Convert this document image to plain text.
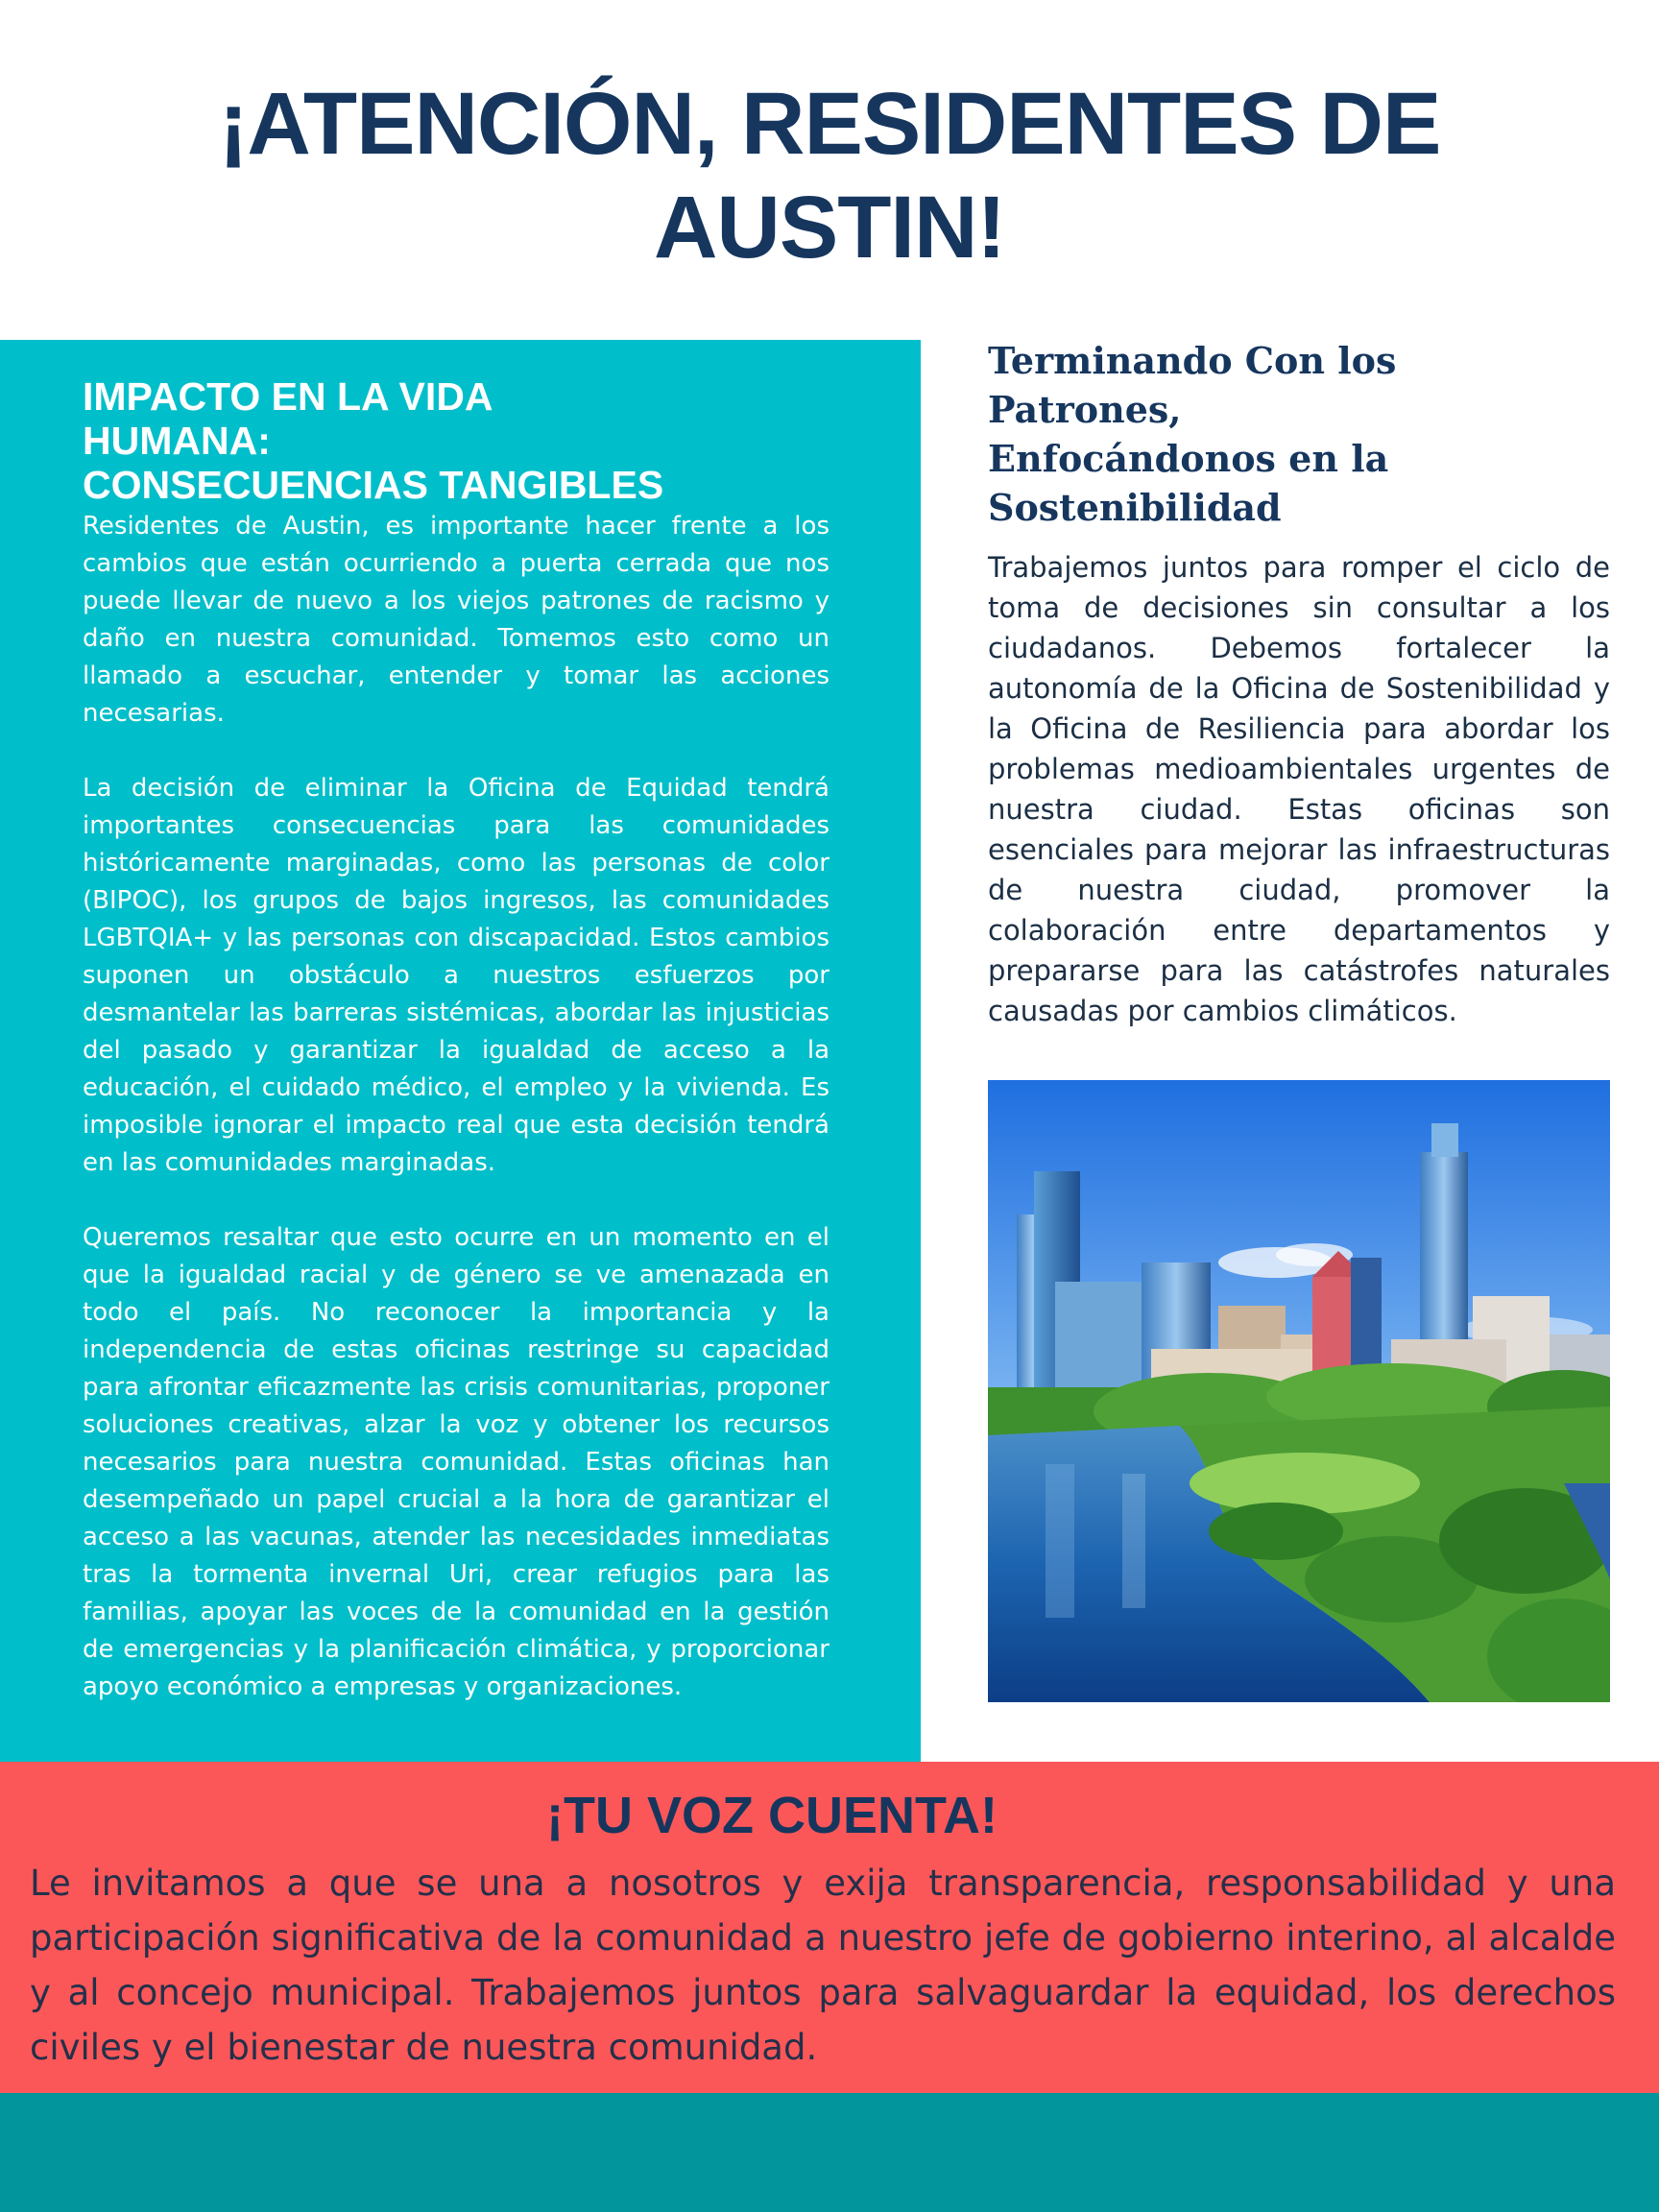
¡ATENCIÓN, RESIDENTES DE AUSTIN!
IMPACTO EN LA VIDA
HUMANA:
CONSECUENCIAS TANGIBLES

Residentes de Austin, es importante hacer frente a los cambios que están ocurriendo a puerta cerrada que nos puede llevar de nuevo a los viejos patrones de racismo y daño en nuestra comunidad. Tomemos esto como un llamado a escuchar, entender y tomar las acciones necesarias.

La decisión de eliminar la Oficina de Equidad tendrá importantes consecuencias para las comunidades históricamente marginadas, como las personas de color (BIPOC), los grupos de bajos ingresos, las comunidades LGBTQIA+ y las personas con discapacidad. Estos cambios suponen un obstáculo a nuestros esfuerzos por desmantelar las barreras sistémicas, abordar las injusticias del pasado y garantizar la igualdad de acceso a la educación, el cuidado médico, el empleo y la vivienda. Es imposible ignorar el impacto real que esta decisión tendrá en las comunidades marginadas.

Queremos resaltar que esto ocurre en un momento en el que la igualdad racial y de género se ve amenazada en todo el país. No reconocer la importancia y la independencia de estas oficinas restringe su capacidad para afrontar eficazmente las crisis comunitarias, proponer soluciones creativas, alzar la voz y obtener los recursos necesarios para nuestra comunidad. Estas oficinas han desempeñado un papel crucial a la hora de garantizar el acceso a las vacunas, atender las necesidades inmediatas tras la tormenta invernal Uri, crear refugios para las familias, apoyar las voces de la comunidad en la gestión de emergencias y la planificación climática, y proporcionar apoyo económico a empresas y organizaciones.

Terminando Con los
Patrones,
Enfocándonos en la
Sostenibilidad

Trabajemos juntos para romper el ciclo de toma de decisiones sin consultar a los ciudadanos. Debemos fortalecer la autonomía de la Oficina de Sostenibilidad y la Oficina de Resiliencia para abordar los problemas medioambientales urgentes de nuestra ciudad. Estas oficinas son esenciales para mejorar las infraestructuras de nuestra ciudad, promover la colaboración entre departamentos y prepararse para las catástrofes naturales causadas por cambios climáticos.

¡TU VOZ CUENTA!

Le invitamos a que se una a nosotros y exija transparencia, responsabilidad y una participación significativa de la comunidad a nuestro jefe de gobierno interino, al alcalde y al concejo municipal. Trabajemos juntos para salvaguardar la equidad, los derechos civiles y el bienestar de nuestra comunidad.
